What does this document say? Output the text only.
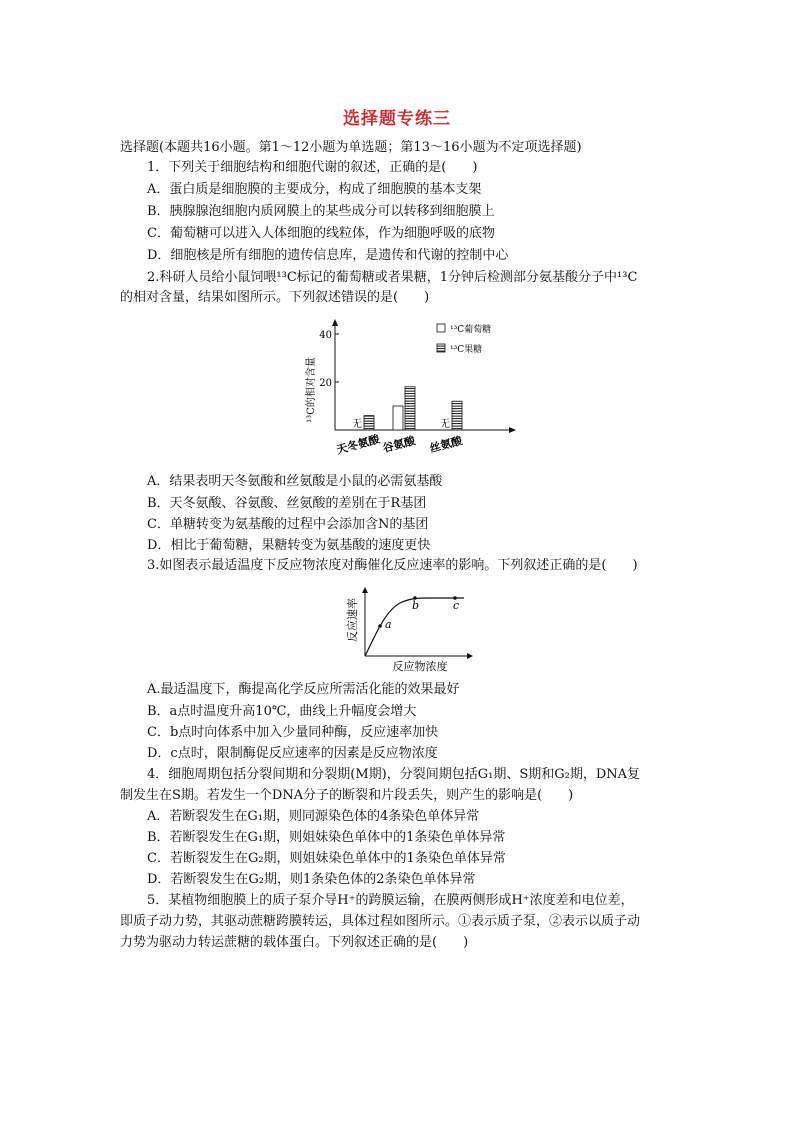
选择题专练三
选择题(本题共16小题。第1～12小题为单选题；第13～16小题为不定项选择题)
1．下列关于细胞结构和细胞代谢的叙述，正确的是(　　)
A．蛋白质是细胞膜的主要成分，构成了细胞膜的基本支架
B．胰腺腺泡细胞内质网膜上的某些成分可以转移到细胞膜上
C．葡萄糖可以进入人体细胞的线粒体，作为细胞呼吸的底物
D．细胞核是所有细胞的遗传信息库，是遗传和代谢的控制中心
2.科研人员给小鼠饲喂¹³C标记的葡萄糖或者果糖，1分钟后检测部分氨基酸分子中¹³C
的相对含量，结果如图所示。下列叙述错误的是(　　)
¹³C的相对含量 20
40
无	无
¹³C葡萄糖
¹³C果糖
天冬氨酸 谷氨酸 丝氨酸
A．结果表明天冬氨酸和丝氨酸是小鼠的必需氨基酸
B．天冬氨酸、谷氨酸、丝氨酸的差别在于R基团
C．单糖转变为氨基酸的过程中会添加含N的基团
D．相比于葡萄糖，果糖转变为氨基酸的速度更快
3.如图表示最适温度下反应物浓度对酶催化反应速率的影响。下列叙述正确的是(　　)
反应速率 a
b	c
反应物浓度
A.最适温度下，酶提高化学反应所需活化能的效果最好
B．a点时温度升高10℃，曲线上升幅度会增大
C．b点时向体系中加入少量同种酶，反应速率加快
D．c点时，限制酶促反应速率的因素是反应物浓度
4．细胞周期包括分裂间期和分裂期(M期)，分裂间期包括G₁期、S期和G₂期，DNA复
制发生在S期。若发生一个DNA分子的断裂和片段丢失，则产生的影响是(　　)
A．若断裂发生在G₁期，则同源染色体的4条染色单体异常
B．若断裂发生在G₁期，则姐妹染色单体中的1条染色单体异常
C．若断裂发生在G₂期，则姐妹染色单体中的1条染色单体异常
D．若断裂发生在G₂期，则1条染色体的2条染色单体异常
5．某植物细胞膜上的质子泵介导H⁺的跨膜运输，在膜两侧形成H⁺浓度差和电位差，
即质子动力势，其驱动蔗糖跨膜转运，具体过程如图所示。①表示质子泵，②表示以质子动
力势为驱动力转运蔗糖的载体蛋白。下列叙述正确的是(　　)
